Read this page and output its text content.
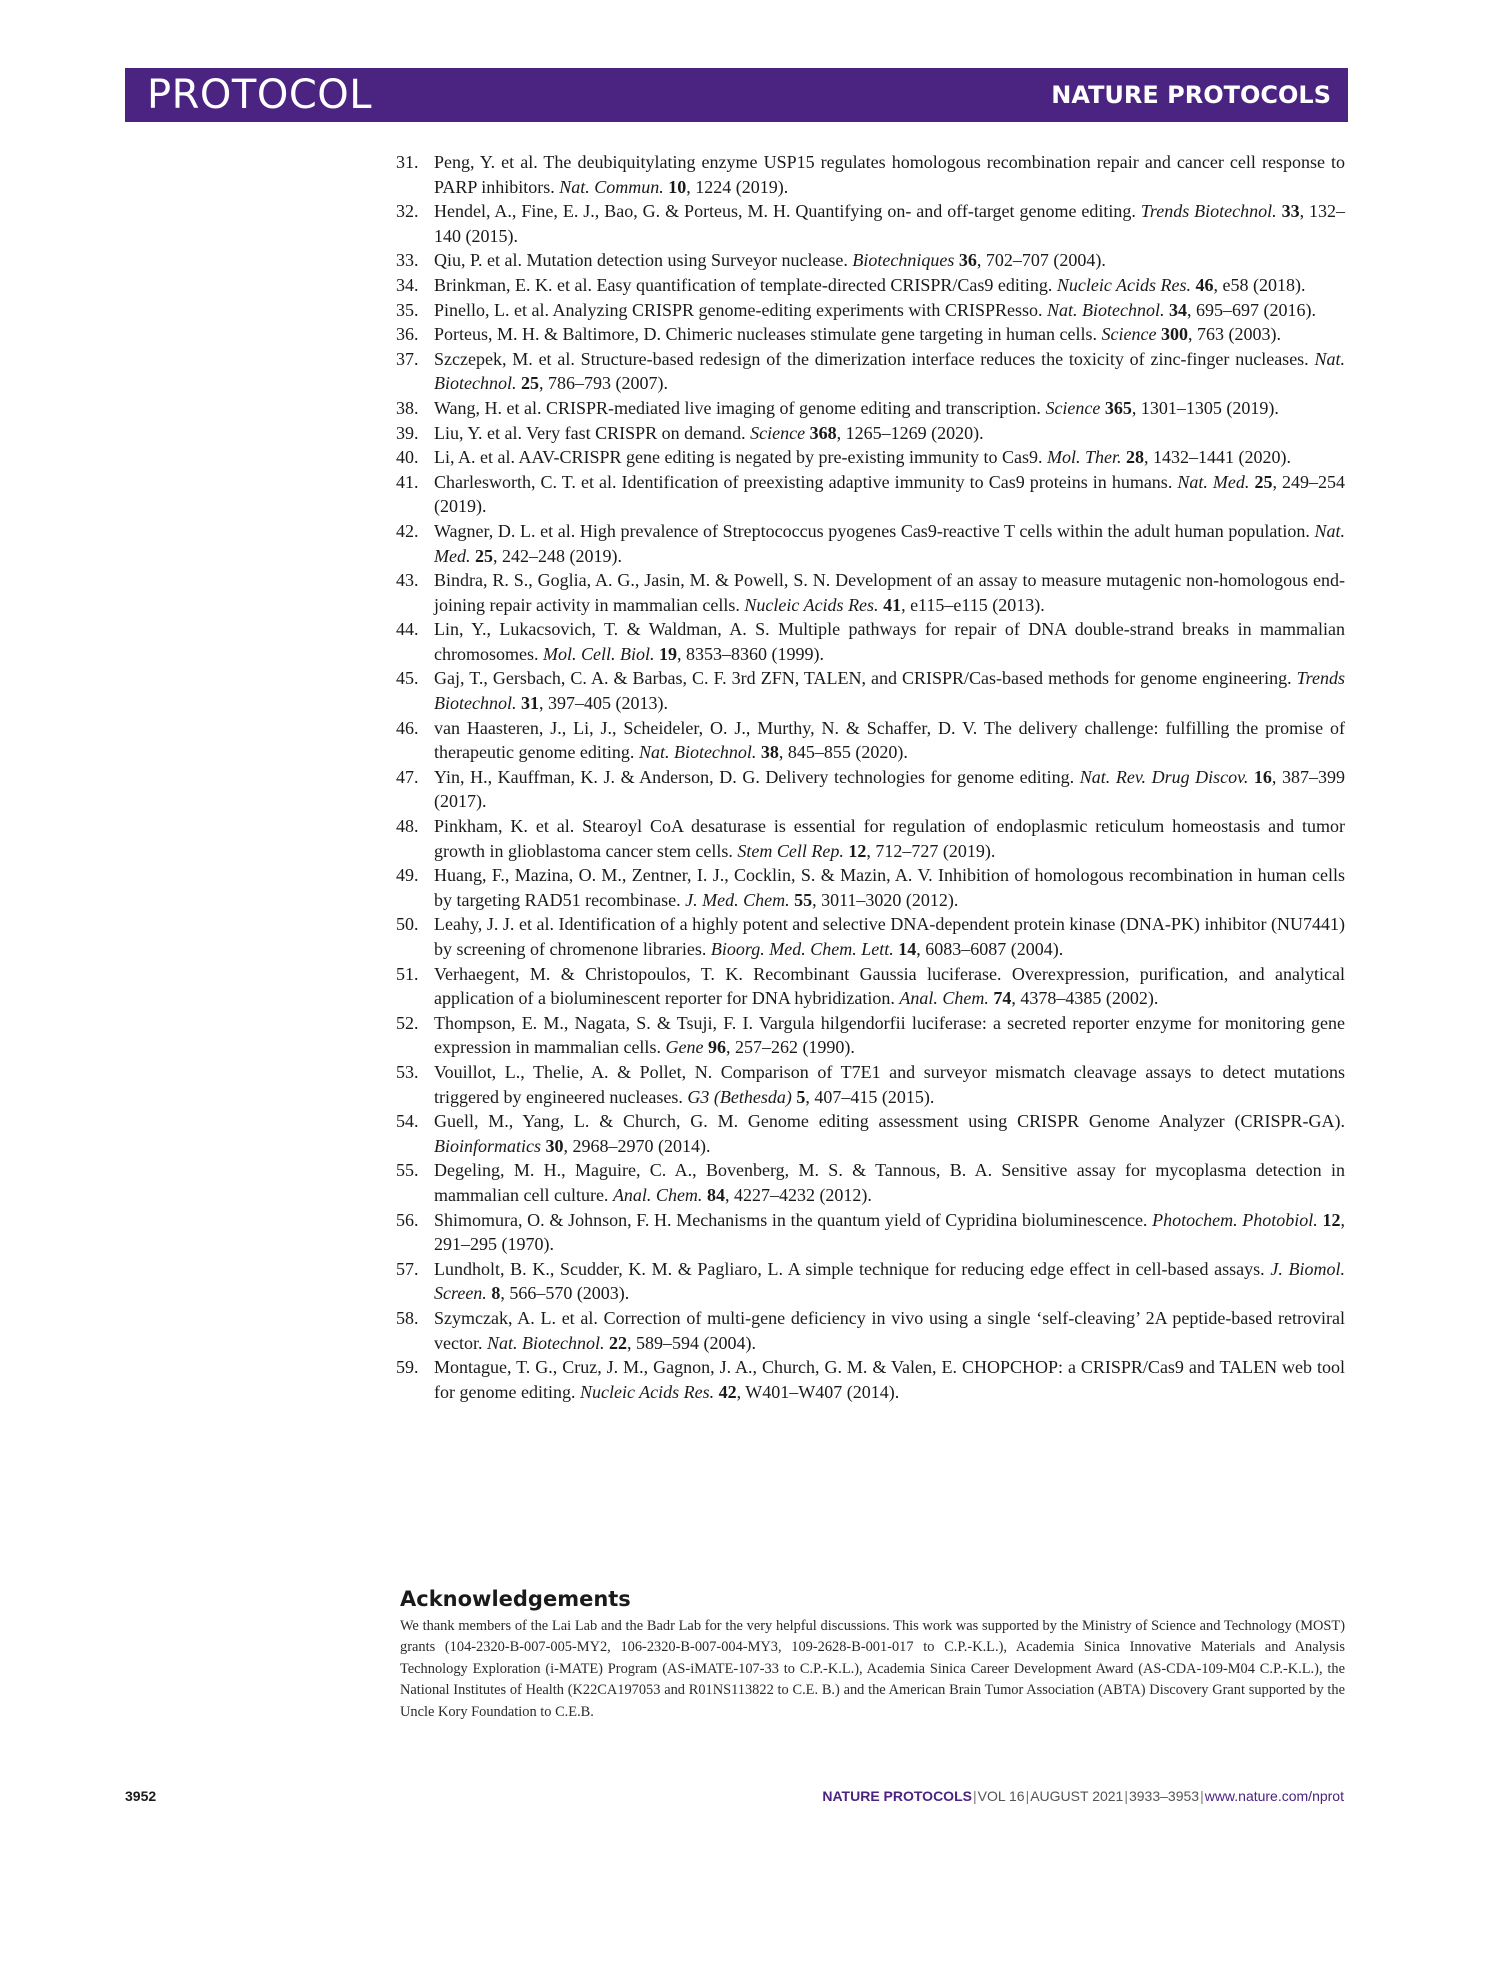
PROTOCOL	NATURE PROTOCOLS
31. Peng, Y. et al. The deubiquitylating enzyme USP15 regulates homologous recombination repair and cancer cell response to PARP inhibitors. Nat. Commun. 10, 1224 (2019).
32. Hendel, A., Fine, E. J., Bao, G. & Porteus, M. H. Quantifying on- and off-target genome editing. Trends Biotechnol. 33, 132–140 (2015).
33. Qiu, P. et al. Mutation detection using Surveyor nuclease. Biotechniques 36, 702–707 (2004).
34. Brinkman, E. K. et al. Easy quantification of template-directed CRISPR/Cas9 editing. Nucleic Acids Res. 46, e58 (2018).
35. Pinello, L. et al. Analyzing CRISPR genome-editing experiments with CRISPResso. Nat. Biotechnol. 34, 695–697 (2016).
36. Porteus, M. H. & Baltimore, D. Chimeric nucleases stimulate gene targeting in human cells. Science 300, 763 (2003).
37. Szczepek, M. et al. Structure-based redesign of the dimerization interface reduces the toxicity of zinc-finger nucleases. Nat. Biotechnol. 25, 786–793 (2007).
38. Wang, H. et al. CRISPR-mediated live imaging of genome editing and transcription. Science 365, 1301–1305 (2019).
39. Liu, Y. et al. Very fast CRISPR on demand. Science 368, 1265–1269 (2020).
40. Li, A. et al. AAV-CRISPR gene editing is negated by pre-existing immunity to Cas9. Mol. Ther. 28, 1432–1441 (2020).
41. Charlesworth, C. T. et al. Identification of preexisting adaptive immunity to Cas9 proteins in humans. Nat. Med. 25, 249–254 (2019).
42. Wagner, D. L. et al. High prevalence of Streptococcus pyogenes Cas9-reactive T cells within the adult human population. Nat. Med. 25, 242–248 (2019).
43. Bindra, R. S., Goglia, A. G., Jasin, M. & Powell, S. N. Development of an assay to measure mutagenic non-homologous end-joining repair activity in mammalian cells. Nucleic Acids Res. 41, e115–e115 (2013).
44. Lin, Y., Lukacsovich, T. & Waldman, A. S. Multiple pathways for repair of DNA double-strand breaks in mammalian chromosomes. Mol. Cell. Biol. 19, 8353–8360 (1999).
45. Gaj, T., Gersbach, C. A. & Barbas, C. F. 3rd ZFN, TALEN, and CRISPR/Cas-based methods for genome engineering. Trends Biotechnol. 31, 397–405 (2013).
46. van Haasteren, J., Li, J., Scheideler, O. J., Murthy, N. & Schaffer, D. V. The delivery challenge: fulfilling the promise of therapeutic genome editing. Nat. Biotechnol. 38, 845–855 (2020).
47. Yin, H., Kauffman, K. J. & Anderson, D. G. Delivery technologies for genome editing. Nat. Rev. Drug Discov. 16, 387–399 (2017).
48. Pinkham, K. et al. Stearoyl CoA desaturase is essential for regulation of endoplasmic reticulum homeostasis and tumor growth in glioblastoma cancer stem cells. Stem Cell Rep. 12, 712–727 (2019).
49. Huang, F., Mazina, O. M., Zentner, I. J., Cocklin, S. & Mazin, A. V. Inhibition of homologous recombination in human cells by targeting RAD51 recombinase. J. Med. Chem. 55, 3011–3020 (2012).
50. Leahy, J. J. et al. Identification of a highly potent and selective DNA-dependent protein kinase (DNA-PK) inhibitor (NU7441) by screening of chromenone libraries. Bioorg. Med. Chem. Lett. 14, 6083–6087 (2004).
51. Verhaegent, M. & Christopoulos, T. K. Recombinant Gaussia luciferase. Overexpression, purification, and analytical application of a bioluminescent reporter for DNA hybridization. Anal. Chem. 74, 4378–4385 (2002).
52. Thompson, E. M., Nagata, S. & Tsuji, F. I. Vargula hilgendorfii luciferase: a secreted reporter enzyme for monitoring gene expression in mammalian cells. Gene 96, 257–262 (1990).
53. Vouillot, L., Thelie, A. & Pollet, N. Comparison of T7E1 and surveyor mismatch cleavage assays to detect mutations triggered by engineered nucleases. G3 (Bethesda) 5, 407–415 (2015).
54. Guell, M., Yang, L. & Church, G. M. Genome editing assessment using CRISPR Genome Analyzer (CRISPR-GA). Bioinformatics 30, 2968–2970 (2014).
55. Degeling, M. H., Maguire, C. A., Bovenberg, M. S. & Tannous, B. A. Sensitive assay for mycoplasma detection in mammalian cell culture. Anal. Chem. 84, 4227–4232 (2012).
56. Shimomura, O. & Johnson, F. H. Mechanisms in the quantum yield of Cypridina bioluminescence. Photochem. Photobiol. 12, 291–295 (1970).
57. Lundholt, B. K., Scudder, K. M. & Pagliaro, L. A simple technique for reducing edge effect in cell-based assays. J. Biomol. Screen. 8, 566–570 (2003).
58. Szymczak, A. L. et al. Correction of multi-gene deficiency in vivo using a single ‘self-cleaving’ 2A peptide-based retroviral vector. Nat. Biotechnol. 22, 589–594 (2004).
59. Montague, T. G., Cruz, J. M., Gagnon, J. A., Church, G. M. & Valen, E. CHOPCHOP: a CRISPR/Cas9 and TALEN web tool for genome editing. Nucleic Acids Res. 42, W401–W407 (2014).
Acknowledgements
We thank members of the Lai Lab and the Badr Lab for the very helpful discussions. This work was supported by the Ministry of Science and Technology (MOST) grants (104-2320-B-007-005-MY2, 106-2320-B-007-004-MY3, 109-2628-B-001-017 to C.P.-K.L.), Academia Sinica Innovative Materials and Analysis Technology Exploration (i-MATE) Program (AS-iMATE-107-33 to C.P.-K.L.), Academia Sinica Career Development Award (AS-CDA-109-M04 C.P.-K.L.), the National Institutes of Health (K22CA197053 and R01NS113822 to C.E. B.) and the American Brain Tumor Association (ABTA) Discovery Grant supported by the Uncle Kory Foundation to C.E.B.
3952	NATURE PROTOCOLS|VOL 16|AUGUST 2021|3933–3953|www.nature.com/nprot
